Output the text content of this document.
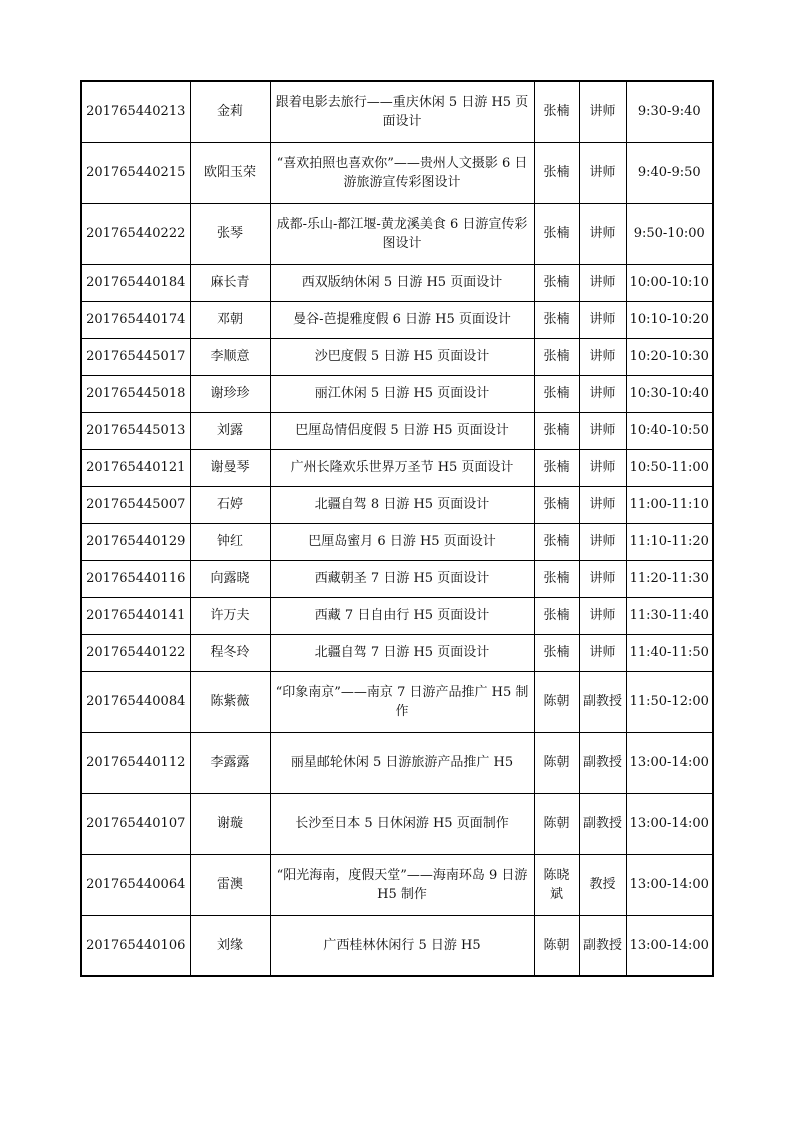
201765440213	金莉	跟着电影去旅行——重庆休闲 5 日游 H5 页面设计	张楠	讲师	9:30-9:40
201765440215	欧阳玉荣	“喜欢拍照也喜欢你”——贵州人文摄影 6 日游旅游宣传彩图设计	张楠	讲师	9:40-9:50
201765440222	张琴	成都-乐山-都江堰-黄龙溪美食 6 日游宣传彩图设计	张楠	讲师	9:50-10:00
201765440184	麻长青	西双版纳休闲 5 日游 H5 页面设计	张楠	讲师	10:00-10:10
201765440174	邓朝	曼谷-芭提雅度假 6 日游 H5 页面设计	张楠	讲师	10:10-10:20
201765445017	李顺意	沙巴度假 5 日游 H5 页面设计	张楠	讲师	10:20-10:30
201765445018	谢珍珍	丽江休闲 5 日游 H5 页面设计	张楠	讲师	10:30-10:40
201765445013	刘露	巴厘岛情侣度假 5 日游 H5 页面设计	张楠	讲师	10:40-10:50
201765440121	谢曼琴	广州长隆欢乐世界万圣节 H5 页面设计	张楠	讲师	10:50-11:00
201765445007	石婷	北疆自驾 8 日游 H5 页面设计	张楠	讲师	11:00-11:10
201765440129	钟红	巴厘岛蜜月 6 日游 H5 页面设计	张楠	讲师	11:10-11:20
201765440116	向露晓	西藏朝圣 7 日游 H5 页面设计	张楠	讲师	11:20-11:30
201765440141	许万夫	西藏 7 日自由行 H5 页面设计	张楠	讲师	11:30-11:40
201765440122	程冬玲	北疆自驾 7 日游 H5 页面设计	张楠	讲师	11:40-11:50
201765440084	陈紫薇	“印象南京”——南京 7 日游产品推广 H5 制作	陈朝	副教授	11:50-12:00
201765440112	李露露	丽星邮轮休闲 5 日游旅游产品推广 H5	陈朝	副教授	13:00-14:00
201765440107	谢璇	长沙至日本 5 日休闲游 H5 页面制作	陈朝	副教授	13:00-14:00
201765440064	雷澳	“阳光海南，度假天堂”——海南环岛 9 日游 H5 制作	陈晓斌	教授	13:00-14:00
201765440106	刘缘	广西桂林休闲行 5 日游 H5	陈朝	副教授	13:00-14:00
